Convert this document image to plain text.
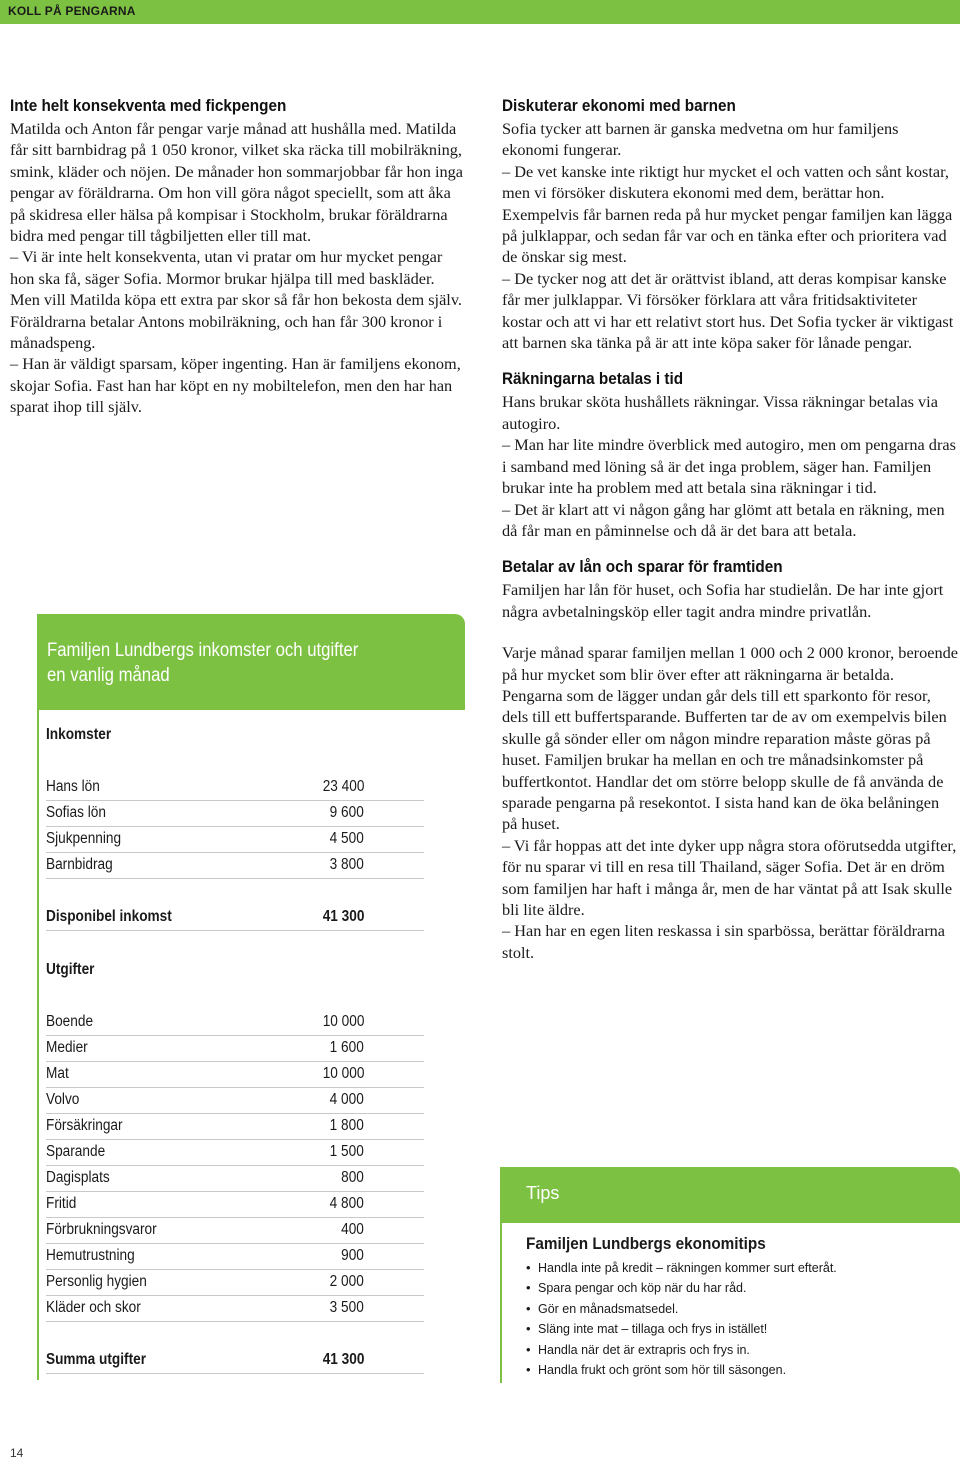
KOLL PÅ PENGARNA
Inte helt konsekventa med fickpengen

Matilda och Anton får pengar varje månad att hushålla med. Matilda får sitt barnbidrag på 1 050 kronor, vilket ska räcka till mobilräkning, smink, kläder och nöjen. De månader hon sommarjobbar får hon inga pengar av föräldrarna. Om hon vill göra något speciellt, som att åka på skidresa eller hälsa på kompisar i Stockholm, brukar föräldrarna bidra med pengar till tågbiljetten eller till mat.

– Vi är inte helt konsekventa, utan vi pratar om hur mycket pengar hon ska få, säger Sofia. Mormor brukar hjälpa till med baskläder. Men vill Matilda köpa ett extra par skor så får hon bekosta dem själv.

Föräldrarna betalar Antons mobilräkning, och han får 300 kronor i månadspeng.

– Han är väldigt sparsam, köper ingenting. Han är familjens ekonom, skojar Sofia. Fast han har köpt en ny mobiltelefon, men den har han sparat ihop till själv.

Familjen Lundbergs inkomster och utgifter
en vanlig månad
Inkomster
Hans lön	23 400
Sofias lön	9 600
Sjukpenning	4 500
Barnbidrag	3 800
Disponibel inkomst	41 300
Utgifter
Boende	10 000
Medier	1 600
Mat	10 000
Volvo	4 000
Försäkringar	1 800
Sparande	1 500
Dagisplats	800
Fritid	4 800
Förbrukningsvaror	400
Hemutrustning	900
Personlig hygien	2 000
Kläder och skor	3 500
Summa utgifter	41 300
Diskuterar ekonomi med barnen

Sofia tycker att barnen är ganska medvetna om hur familjens ekonomi fungerar.

– De vet kanske inte riktigt hur mycket el och vatten och sånt kostar, men vi försöker diskutera ekonomi med dem, berättar hon. Exempelvis får barnen reda på hur mycket pengar familjen kan lägga på julklappar, och sedan får var och en tänka efter och prioritera vad de önskar sig mest.

– De tycker nog att det är orättvist ibland, att deras kompisar kanske får mer julklappar. Vi försöker förklara att våra fritidsaktiviteter kostar och att vi har ett relativt stort hus. Det Sofia tycker är viktigast att barnen ska tänka på är att inte köpa saker för lånade pengar.

Räkningarna betalas i tid

Hans brukar sköta hushållets räkningar. Vissa räkningar betalas via autogiro.

– Man har lite mindre överblick med autogiro, men om pengarna dras i samband med löning så är det inga problem, säger han. Familjen brukar inte ha problem med att betala sina räkningar i tid.

– Det är klart att vi någon gång har glömt att betala en räkning, men då får man en påminnelse och då är det bara att betala.

Betalar av lån och sparar för framtiden

Familjen har lån för huset, och Sofia har studielån. De har inte gjort några avbetalningsköp eller tagit andra mindre privatlån.

Varje månad sparar familjen mellan 1 000 och 2 000 kronor, beroende på hur mycket som blir över efter att räkningarna är betalda. Pengarna som de lägger undan går dels till ett sparkonto för resor, dels till ett buffertsparande. Bufferten tar de av om exempelvis bilen skulle gå sönder eller om någon mindre reparation måste göras på huset. Familjen brukar ha mellan en och tre månadsinkomster på buffertkontot. Handlar det om större belopp skulle de få använda de sparade pengarna på resekontot. I sista hand kan de öka belåningen på huset.

– Vi får hoppas att det inte dyker upp några stora oförutsedda utgifter, för nu sparar vi till en resa till Thailand, säger Sofia. Det är en dröm som familjen har haft i många år, men de har väntat på att Isak skulle bli lite äldre.

– Han har en egen liten reskassa i sin sparbössa, berättar föräldrarna stolt.

Tips
Familjen Lundbergs ekonomitips
• Handla inte på kredit – räkningen kommer surt efteråt.
• Spara pengar och köp när du har råd.
• Gör en månadsmatsedel.
• Släng inte mat – tillaga och frys in istället!
• Handla när det är extrapris och frys in.
• Handla frukt och grönt som hör till säsongen.
14
